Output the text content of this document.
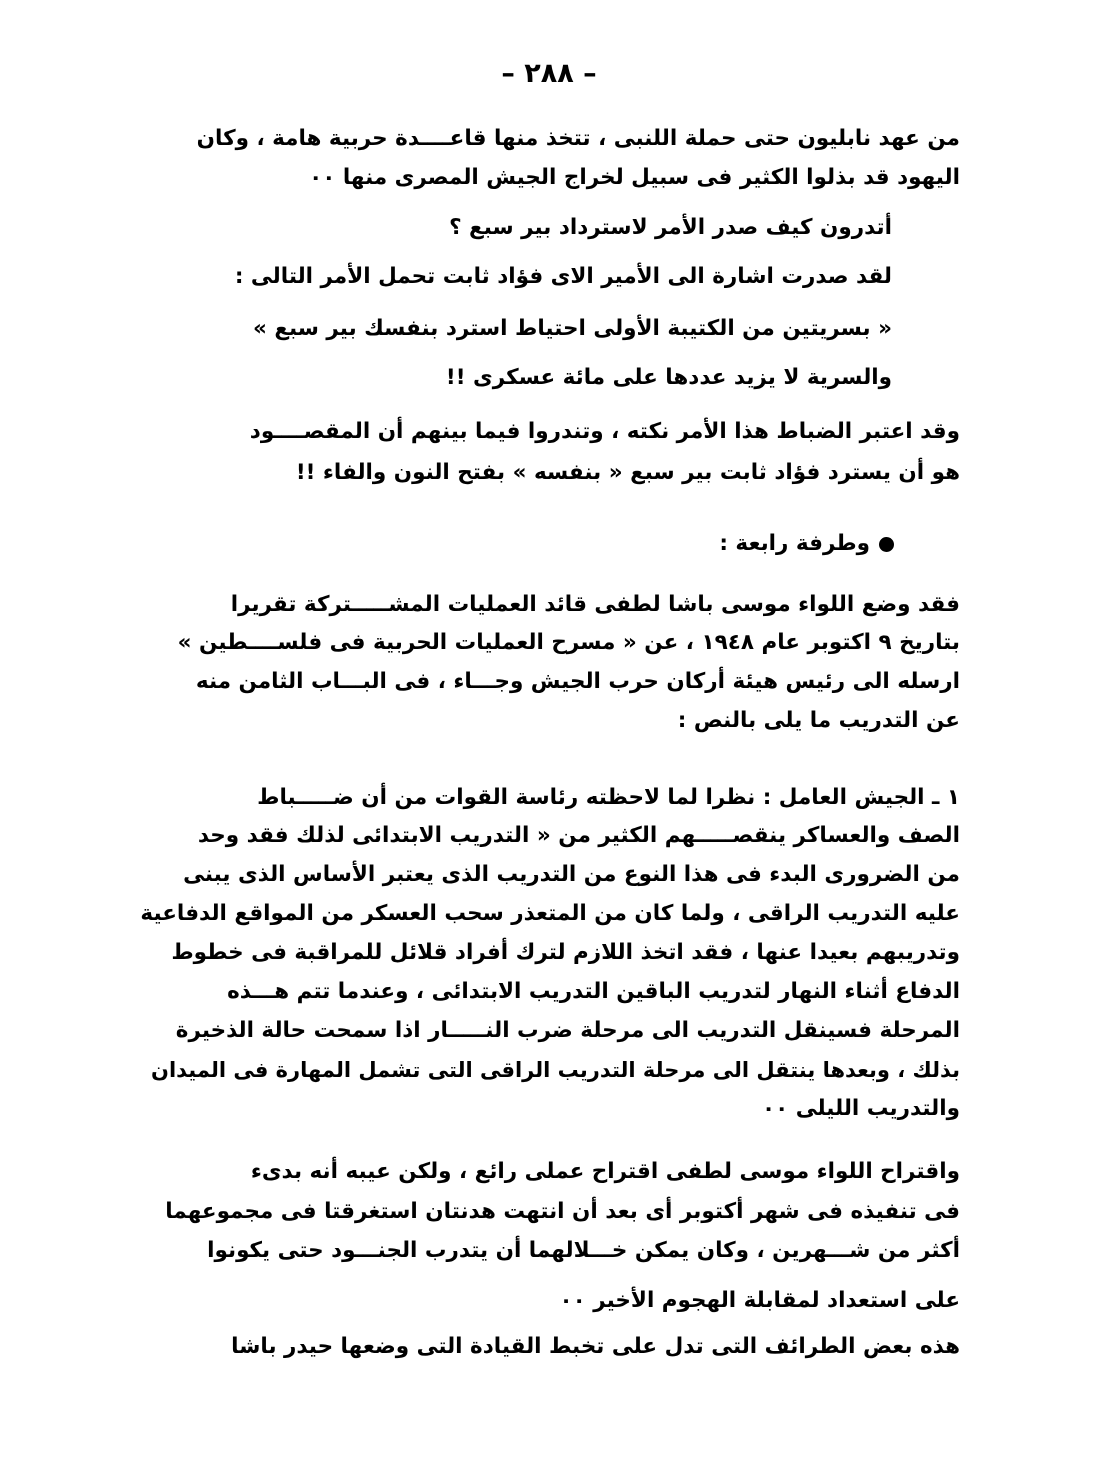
– ٢٨٨ –
من عهد نابليون حتى حملة اللنبى ، تتخذ منها قاعــــدة حربية هامة ، وكان
اليهود قد بذلوا الكثير فى سبيل لخراج الجيش المصرى منها ٠٠
أتدرون كيف صدر الأمر لاسترداد بير سبع ؟
لقد صدرت اشارة الى الأمير الاى فؤاد ثابت تحمل الأمر التالى :
« بسريتين من الكتيبة الأولى احتياط استرد بنفسك بير سبع »
والسرية لا يزيد عددها على مائة عسكرى !!
وقد اعتبر الضباط هذا الأمر نكته ، وتندروا فيما بينهم أن المقصــــود
هو أن يسترد فؤاد ثابت بير سبع « بنفسه » بفتح النون والفاء !!
وطرفة رابعة :
فقد وضع اللواء موسى باشا لطفى قائد العمليات المشـــــتركة تقريرا
بتاريخ ٩ اكتوبر عام ١٩٤٨ ، عن « مسرح العمليات الحربية فى فلســــطين »
ارسله الى رئيس هيئة أركان حرب الجيش وجـــاء ، فى البـــاب الثامن منه
عن التدريب ما يلى بالنص :
١ ـ الجيش العامل : نظرا لما لاحظته رئاسة القوات من أن ضـــــباط
الصف والعساكر ينقصـــــهم الكثير من « التدريب الابتدائى لذلك فقد وحد
من الضرورى البدء فى هذا النوع من التدريب الذى يعتبر الأساس الذى يبنى
عليه التدريب الراقى ، ولما كان من المتعذر سحب العسكر من المواقع الدفاعية
وتدريبهم بعيدا عنها ، فقد اتخذ اللازم لترك أفراد قلائل للمراقبة فى خطوط
الدفاع أثناء النهار لتدريب الباقين التدريب الابتدائى ، وعندما تتم هـــذه
المرحلة فسينقل التدريب الى مرحلة ضرب النـــــار اذا سمحت حالة الذخيرة
بذلك ، وبعدها ينتقل الى مرحلة التدريب الراقى التى تشمل المهارة فى الميدان
والتدريب الليلى ٠٠
واقتراح اللواء موسى لطفى اقتراح عملى رائع ، ولكن عيبه أنه بدىء
فى تنفيذه فى شهر أكتوبر أى بعد أن انتهت هدنتان استغرقتا فى مجموعهما
أكثر من شـــهرين ، وكان يمكن خـــلالهما أن يتدرب الجنـــود حتى يكونوا
على استعداد لمقابلة الهجوم الأخير ٠٠
هذه بعض الطرائف التى تدل على تخبط القيادة التى وضعها حيدر باشا
